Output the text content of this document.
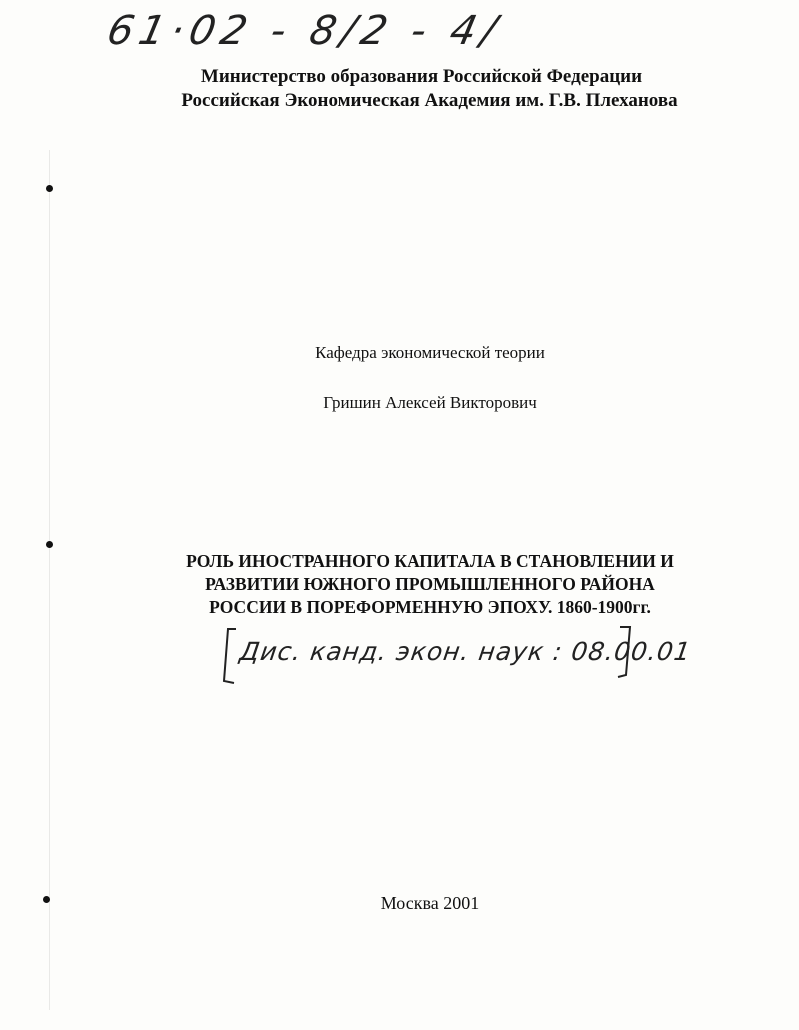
61·02 - 8/2 - 4/
Министерство образования Российской Федерации
Российская Экономическая Академия им. Г.В. Плеханова
Кафедра экономической теории
Гришин Алексей Викторович
РОЛЬ ИНОСТРАННОГО КАПИТАЛА В СТАНОВЛЕНИИ И
РАЗВИТИИ ЮЖНОГО ПРОМЫШЛЕННОГО РАЙОНА
РОССИИ В ПОРЕФОРМЕННУЮ ЭПОХУ. 1860-1900гг.
Дис. канд. экон. наук : 08.00.01
Москва 2001
